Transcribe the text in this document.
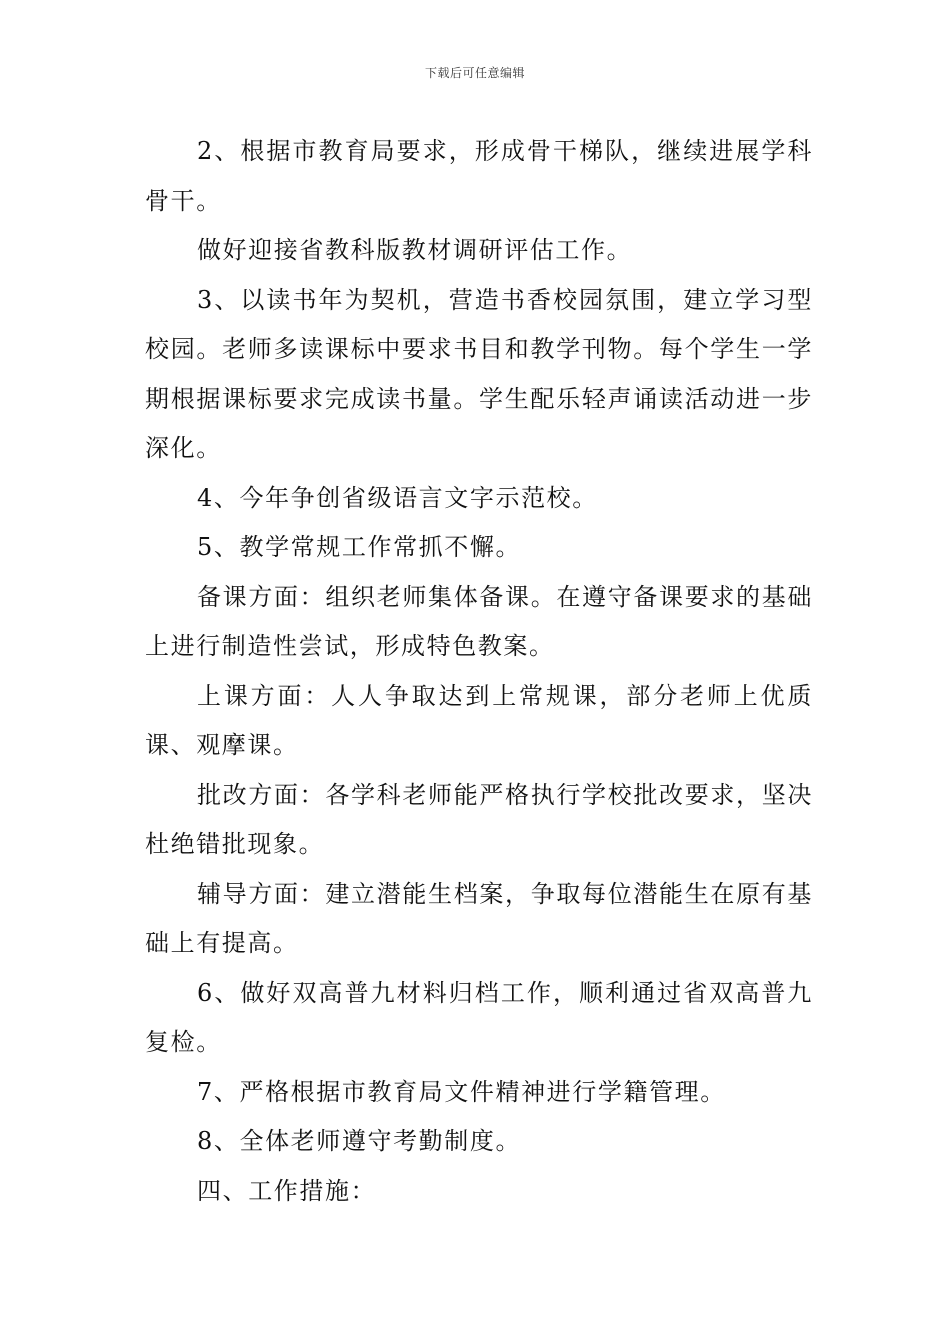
下载后可任意编辑

2、根据市教育局要求，形成骨干梯队，继续进展学科骨干。

做好迎接省教科版教材调研评估工作。

3、以读书年为契机，营造书香校园氛围，建立学习型校园。老师多读课标中要求书目和教学刊物。每个学生一学期根据课标要求完成读书量。学生配乐轻声诵读活动进一步深化。

4、今年争创省级语言文字示范校。

5、教学常规工作常抓不懈。

备课方面：组织老师集体备课。在遵守备课要求的基础上进行制造性尝试，形成特色教案。

上课方面：人人争取达到上常规课，部分老师上优质课、观摩课。

批改方面：各学科老师能严格执行学校批改要求，坚决杜绝错批现象。

辅导方面：建立潜能生档案，争取每位潜能生在原有基础上有提高。

6、做好双高普九材料归档工作，顺利通过省双高普九复检。

7、严格根据市教育局文件精神进行学籍管理。

8、全体老师遵守考勤制度。

四、工作措施：
